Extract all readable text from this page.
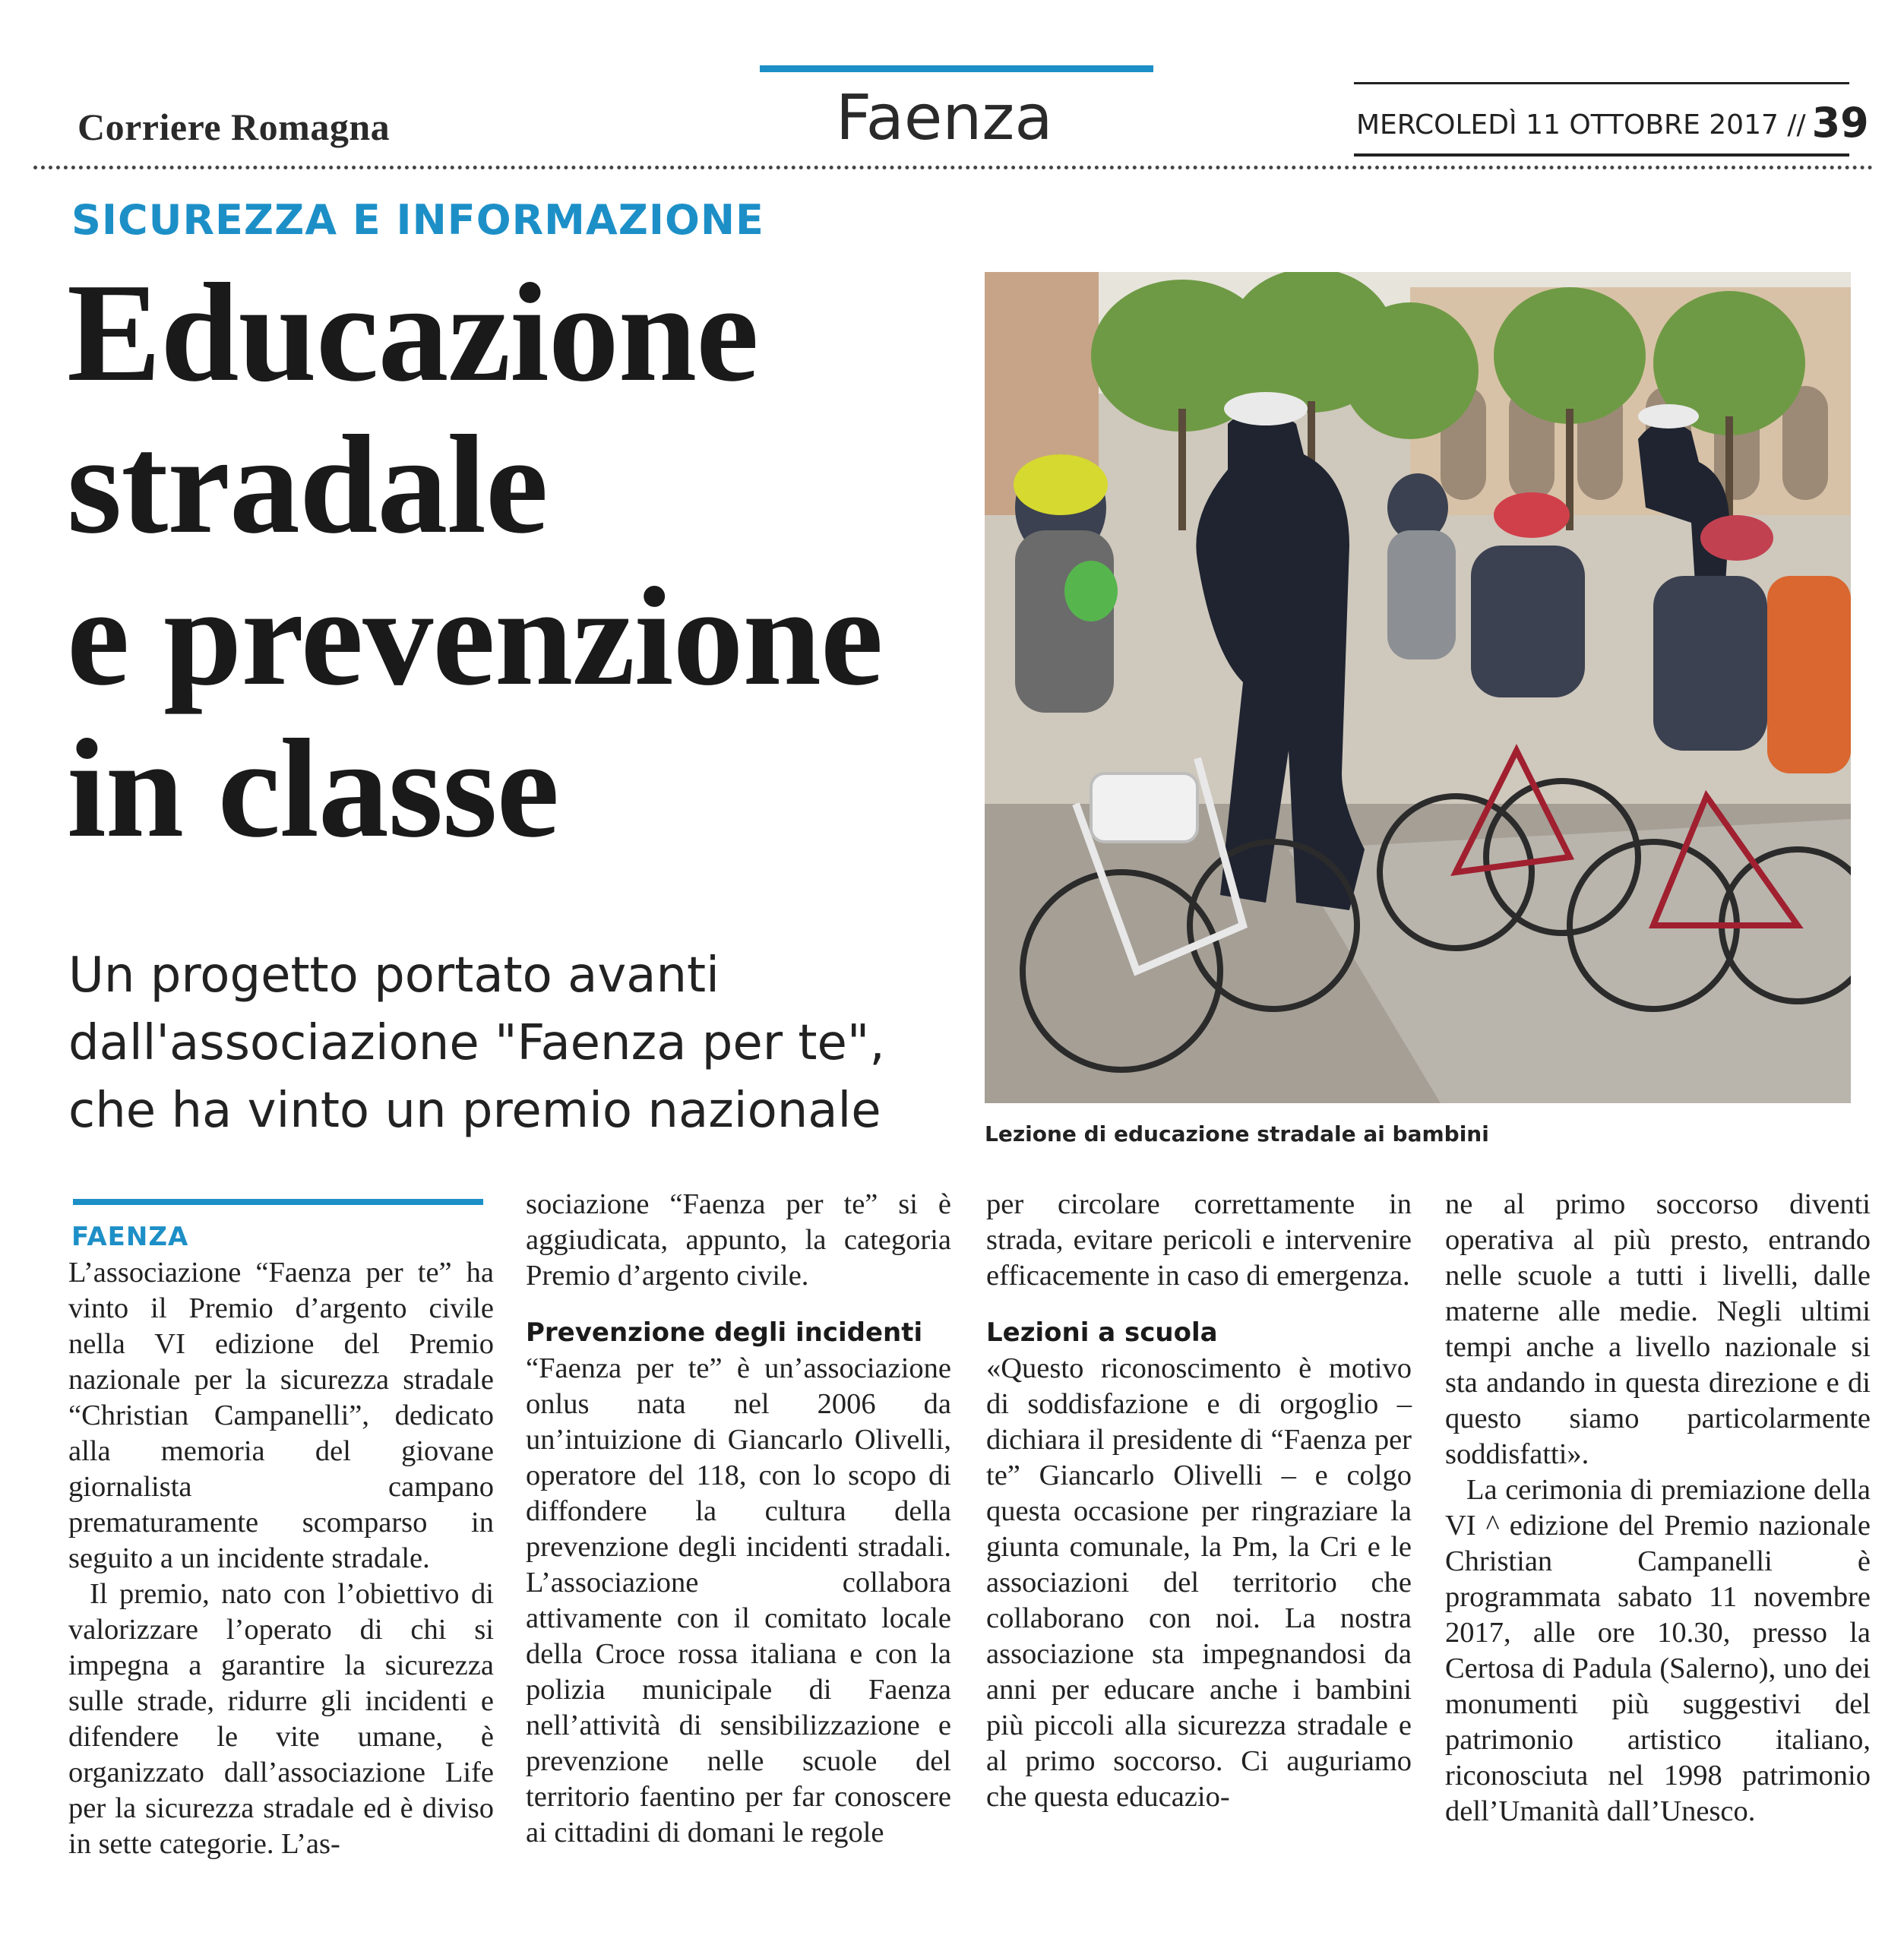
Corriere Romagna	Faenza	MERCOLEDÌ 11 OTTOBRE 2017 // 39
SICUREZZA E INFORMAZIONE
Educazione
stradale
e prevenzione
in classe
Un progetto portato avanti
dall'associazione "Faenza per te",
che ha vinto un premio nazionale	Lezione di educazione stradale ai bambini
FAENZA

L’associazione “Faenza per te” ha vinto il Premio d’argento civile nella VI edizione del Premio nazionale per la sicurezza stradale “Christian Campanelli”, dedicato alla memoria del giovane giornalista campano prematuramente scomparso in seguito a un incidente stradale.

Il premio, nato con l’obiettivo di valorizzare l’operato di chi si impegna a garantire la sicurezza sulle strade, ridurre gli incidenti e difendere le vite umane, è organizzato dall’associazione Life per la sicurezza stradale ed è diviso in sette categorie. L’as-

sociazione “Faenza per te” si è aggiudicata, appunto, la categoria Premio d’argento civile.

Prevenzione degli incidenti

“Faenza per te” è un’associazione onlus nata nel 2006 da un’intuizione di Giancarlo Olivelli, operatore del 118, con lo scopo di diffondere la cultura della prevenzione degli incidenti stradali. L’associazione collabora attivamente con il comitato locale della Croce rossa italiana e con la polizia municipale di Faenza nell’attività di sensibilizzazione e prevenzione nelle scuole del territorio faentino per far conoscere ai cittadini di domani le regole

per circolare correttamente in strada, evitare pericoli e intervenire efficacemente in caso di emergenza.

Lezioni a scuola

«Questo riconoscimento è motivo di soddisfazione e di orgoglio – dichiara il presidente di “Faenza per te” Giancarlo Olivelli – e colgo questa occasione per ringraziare la giunta comunale, la Pm, la Cri e le associazioni del territorio che collaborano con noi. La nostra associazione sta impegnandosi da anni per educare anche i bambini più piccoli alla sicurezza stradale e al primo soccorso. Ci auguriamo che questa educazio-

ne al primo soccorso diventi operativa al più presto, entrando nelle scuole a tutti i livelli, dalle materne alle medie. Negli ultimi tempi anche a livello nazionale si sta andando in questa direzione e di questo siamo particolarmente soddisfatti».

La cerimonia di premiazione della VI ^ edizione del Premio nazionale Christian Campanelli è programmata sabato 11 novembre 2017, alle ore 10.30, presso la Certosa di Padula (Salerno), uno dei monumenti più suggestivi del patrimonio artistico italiano, riconosciuta nel 1998 patrimonio dell’Umanità dall’Unesco.
